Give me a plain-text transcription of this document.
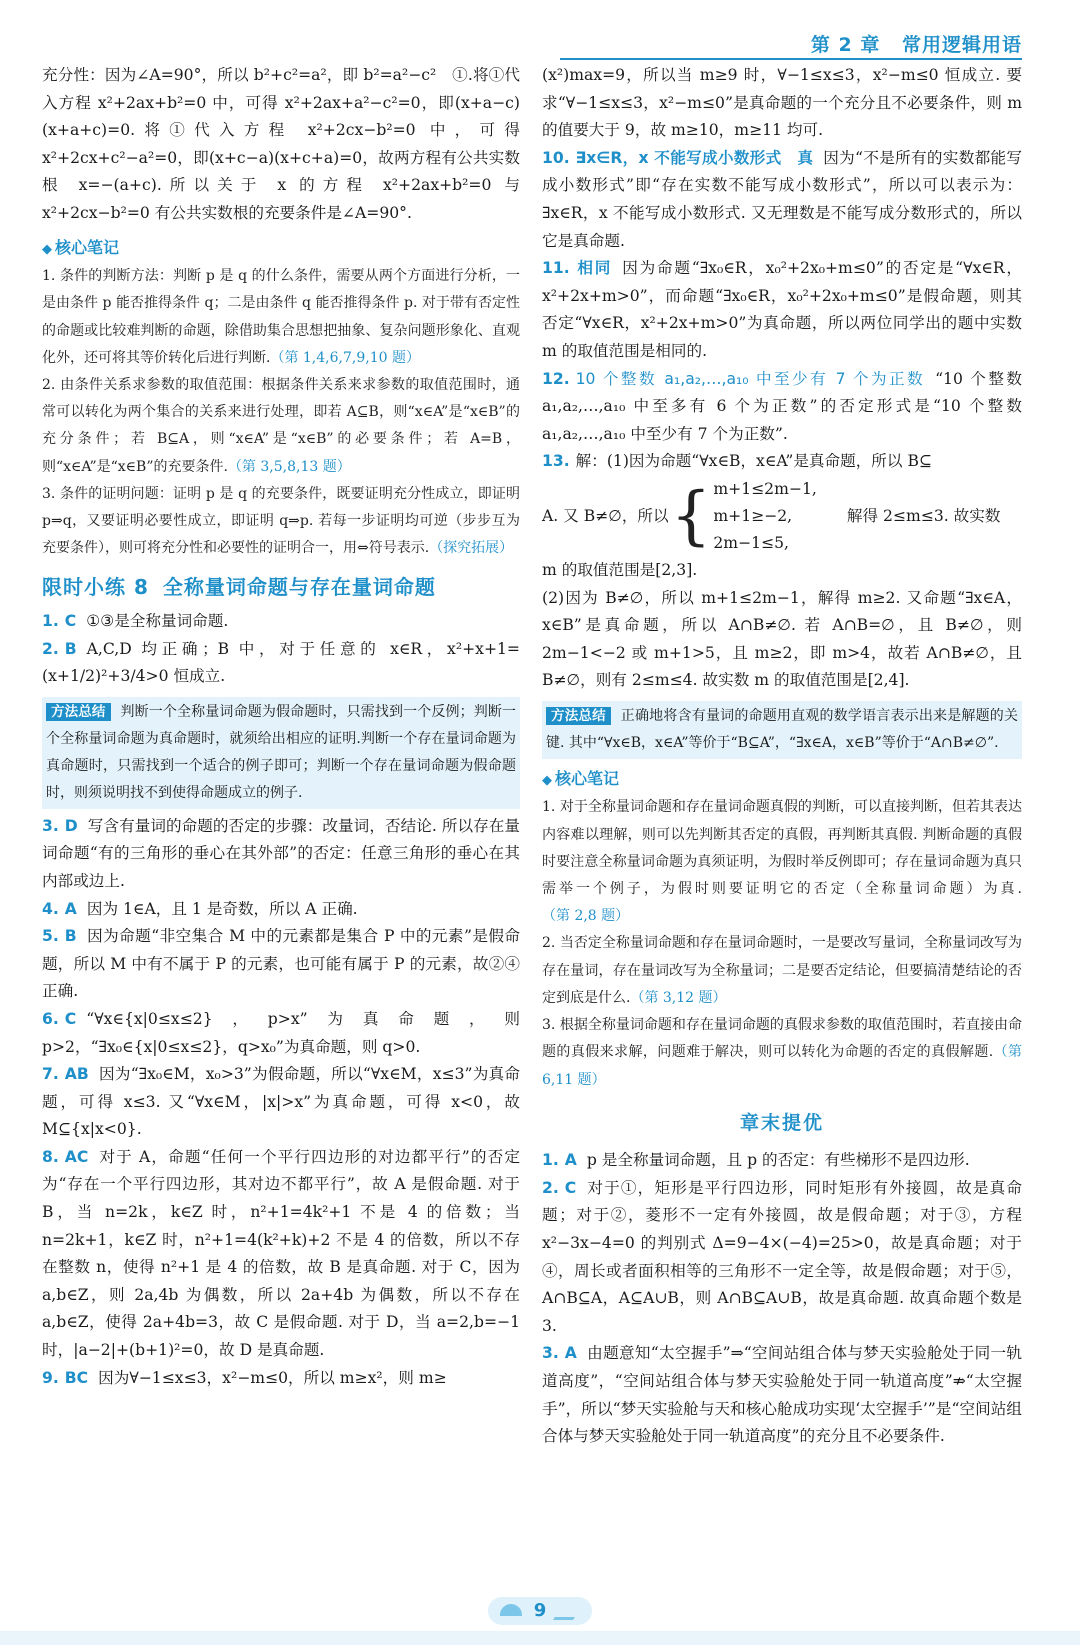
第 2 章 常用逻辑用语

充分性：因为∠A=90°，所以 b²+c²=a²，即 b²=a²−c²　①.将①代入方程 x²+2ax+b²=0 中，可得 x²+2ax+a²−c²=0，即(x+a−c)(x+a+c)=0.将①代入方程 x²+2cx−b²=0 中，可得 x²+2cx+c²−a²=0，即(x+c−a)(x+c+a)=0，故两方程有公共实数根 x=−(a+c).所以关于 x 的方程 x²+2ax+b²=0 与 x²+2cx−b²=0 有公共实数根的充要条件是∠A=90°.

◆ 核心笔记

1. 条件的判断方法：判断 p 是 q 的什么条件，需要从两个方面进行分析，一是由条件 p 能否推得条件 q；二是由条件 q 能否推得条件 p. 对于带有否定性的命题或比较难判断的命题，除借助集合思想把抽象、复杂问题形象化、直观化外，还可将其等价转化后进行判断.（第 1,4,6,7,9,10 题）

2. 由条件关系求参数的取值范围：根据条件关系来求参数的取值范围时，通常可以转化为两个集合的关系来进行处理，即若 A⊆B，则“x∈A”是“x∈B”的充分条件；若 B⊆A，则“x∈A”是“x∈B”的必要条件；若 A=B，则“x∈A”是“x∈B”的充要条件.（第 3,5,8,13 题）

3. 条件的证明问题：证明 p 是 q 的充要条件，既要证明充分性成立，即证明 p⇒q，又要证明必要性成立，即证明 q⇒p. 若每一步证明均可逆（步步互为充要条件），则可将充分性和必要性的证明合一，用⇔符号表示.（探究拓展）

限时小练 8 全称量词命题与存在量词命题

1. C ①③是全称量词命题.

2. B A,C,D 均正确；B 中，对于任意的 x∈R，x²+x+1=(x+1/2)²+3/4>0 恒成立.

方法总结 判断一个全称量词命题为假命题时，只需找到一个反例；判断一个全称量词命题为真命题时，就须给出相应的证明.判断一个存在量词命题为真命题时，只需找到一个适合的例子即可；判断一个存在量词命题为假命题时，则须说明找不到使得命题成立的例子.

3. D 写含有量词的命题的否定的步骤：改量词，否结论. 所以存在量词命题“有的三角形的垂心在其外部”的否定：任意三角形的垂心在其内部或边上.

4. A 因为 1∈A，且 1 是奇数，所以 A 正确.

5. B 因为命题“非空集合 M 中的元素都是集合 P 中的元素”是假命题，所以 M 中有不属于 P 的元素，也可能有属于 P 的元素，故②④正确.

6. C “∀x∈{x|0≤x≤2}，p>x”为真命题，则 p>2，“∃x₀∈{x|0≤x≤2}，q>x₀”为真命题，则 q>0.

7. AB 因为“∃x₀∈M，x₀>3”为假命题，所以“∀x∈M，x≤3”为真命题，可得 x≤3. 又“∀x∈M，|x|>x”为真命题，可得 x<0，故 M⊆{x|x<0}.

8. AC 对于 A，命题“任何一个平行四边形的对边都平行”的否定为“存在一个平行四边形，其对边不都平行”，故 A 是假命题. 对于 B，当 n=2k，k∈Z 时，n²+1=4k²+1 不是 4 的倍数；当 n=2k+1，k∈Z 时，n²+1=4(k²+k)+2 不是 4 的倍数，所以不存在整数 n，使得 n²+1 是 4 的倍数，故 B 是真命题. 对于 C，因为 a,b∈Z，则 2a,4b 为偶数，所以 2a+4b 为偶数，所以不存在 a,b∈Z，使得 2a+4b=3，故 C 是假命题. 对于 D，当 a=2,b=−1 时，|a−2|+(b+1)²=0，故 D 是真命题.

9. BC 因为∀−1≤x≤3，x²−m≤0，所以 m≥x²，则 m≥

(x²)max=9，所以当 m≥9 时，∀−1≤x≤3，x²−m≤0 恒成立. 要求“∀−1≤x≤3，x²−m≤0”是真命题的一个充分且不必要条件，则 m 的值要大于 9，故 m≥10，m≥11 均可.

10. ∃x∈R，x 不能写成小数形式　真 因为“不是所有的实数都能写成小数形式”即“存在实数不能写成小数形式”，所以可以表示为：∃x∈R，x 不能写成小数形式. 又无理数是不能写成分数形式的，所以它是真命题.

11. 相同 因为命题“∃x₀∈R，x₀²+2x₀+m≤0”的否定是“∀x∈R，x²+2x+m>0”，而命题“∃x₀∈R，x₀²+2x₀+m≤0”是假命题，则其否定“∀x∈R，x²+2x+m>0”为真命题，所以两位同学出的题中实数 m 的取值范围是相同的.

12. 10 个整数 a₁,a₂,…,a₁₀ 中至少有 7 个为正数 “10 个整数 a₁,a₂,…,a₁₀ 中至多有 6 个为正数”的否定形式是“10 个整数 a₁,a₂,…,a₁₀ 中至少有 7 个为正数”.

13. 解：(1)因为命题“∀x∈B，x∈A”是真命题，所以 B⊆

A. 又 B≠∅，所以 { m+1≤2m−1,
m+1≥−2,
2m−1≤5,
解得 2≤m≤3. 故实数

m 的取值范围是[2,3].

(2)因为 B≠∅，所以 m+1≤2m−1，解得 m≥2. 又命题“∃x∈A，x∈B”是真命题，所以 A∩B≠∅. 若 A∩B=∅，且 B≠∅，则 2m−1<−2 或 m+1>5，且 m≥2，即 m>4，故若 A∩B≠∅，且 B≠∅，则有 2≤m≤4. 故实数 m 的取值范围是[2,4].

方法总结 正确地将含有量词的命题用直观的数学语言表示出来是解题的关键. 其中“∀x∈B，x∈A”等价于“B⊆A”，“∃x∈A，x∈B”等价于“A∩B≠∅”.
◆ 核心笔记

1. 对于全称量词命题和存在量词命题真假的判断，可以直接判断，但若其表达内容难以理解，则可以先判断其否定的真假，再判断其真假. 判断命题的真假时要注意全称量词命题为真须证明，为假时举反例即可；存在量词命题为真只需举一个例子，为假时则要证明它的否定（全称量词命题）为真.（第 2,8 题）

2. 当否定全称量词命题和存在量词命题时，一是要改写量词，全称量词改写为存在量词，存在量词改写为全称量词；二是要否定结论，但要搞清楚结论的否定到底是什么.（第 3,12 题）

3. 根据全称量词命题和存在量词命题的真假求参数的取值范围时，若直接由命题的真假来求解，问题难于解决，则可以转化为命题的否定的真假解题.（第 6,11 题）

章末提优

1. A p 是全称量词命题，且 p 的否定：有些梯形不是四边形.

2. C 对于①，矩形是平行四边形，同时矩形有外接圆，故是真命题；对于②，菱形不一定有外接圆，故是假命题；对于③，方程 x²−3x−4=0 的判别式 Δ=9−4×(−4)=25>0，故是真命题；对于④，周长或者面积相等的三角形不一定全等，故是假命题；对于⑤，A∩B⊆A，A⊆A∪B，则 A∩B⊆A∪B，故是真命题. 故真命题个数是 3.

3. A 由题意知“太空握手”⇒“空间站组合体与梦天实验舱处于同一轨道高度”，“空间站组合体与梦天实验舱处于同一轨道高度”⇏“太空握手”，所以“梦天实验舱与天和核心舱成功实现‘太空握手’”是“空间站组合体与梦天实验舱处于同一轨道高度”的充分且不必要条件.

9
